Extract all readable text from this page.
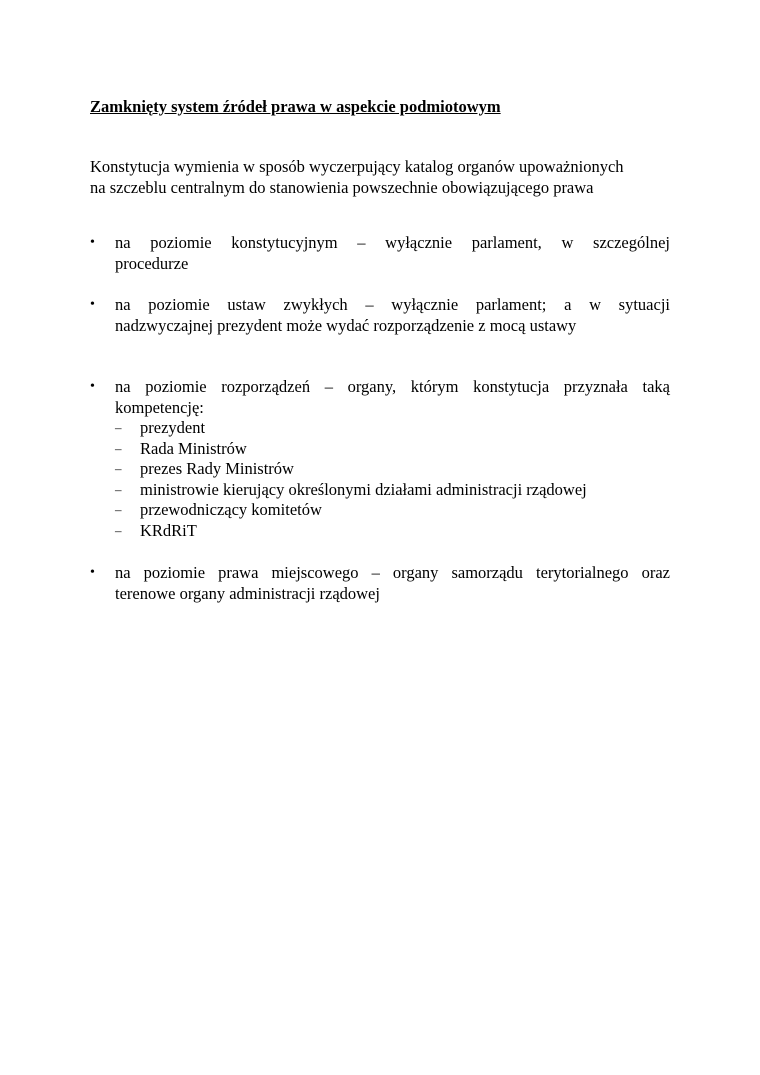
Zamknięty system źródeł prawa w aspekcie podmiotowym
Konstytucja wymienia w sposób wyczerpujący katalog organów upoważnionych
na szczeblu centralnym do stanowienia powszechnie obowiązującego prawa
•	na poziomie konstytucyjnym – wyłącznie parlament, w szczególnej
procedurze
•	na poziomie ustaw zwykłych – wyłącznie parlament; a w sytuacji
nadzwyczajnej prezydent może wydać rozporządzenie z mocą ustawy
•	na poziomie rozporządzeń – organy, którym konstytucja przyznała taką
kompetencję:
–	prezydent
–	Rada Ministrów
–	prezes Rady Ministrów
–	ministrowie kierujący określonymi działami administracji rządowej
–	przewodniczący komitetów
–	KRdRiT
•	na poziomie prawa miejscowego – organy samorządu terytorialnego oraz
terenowe organy administracji rządowej
